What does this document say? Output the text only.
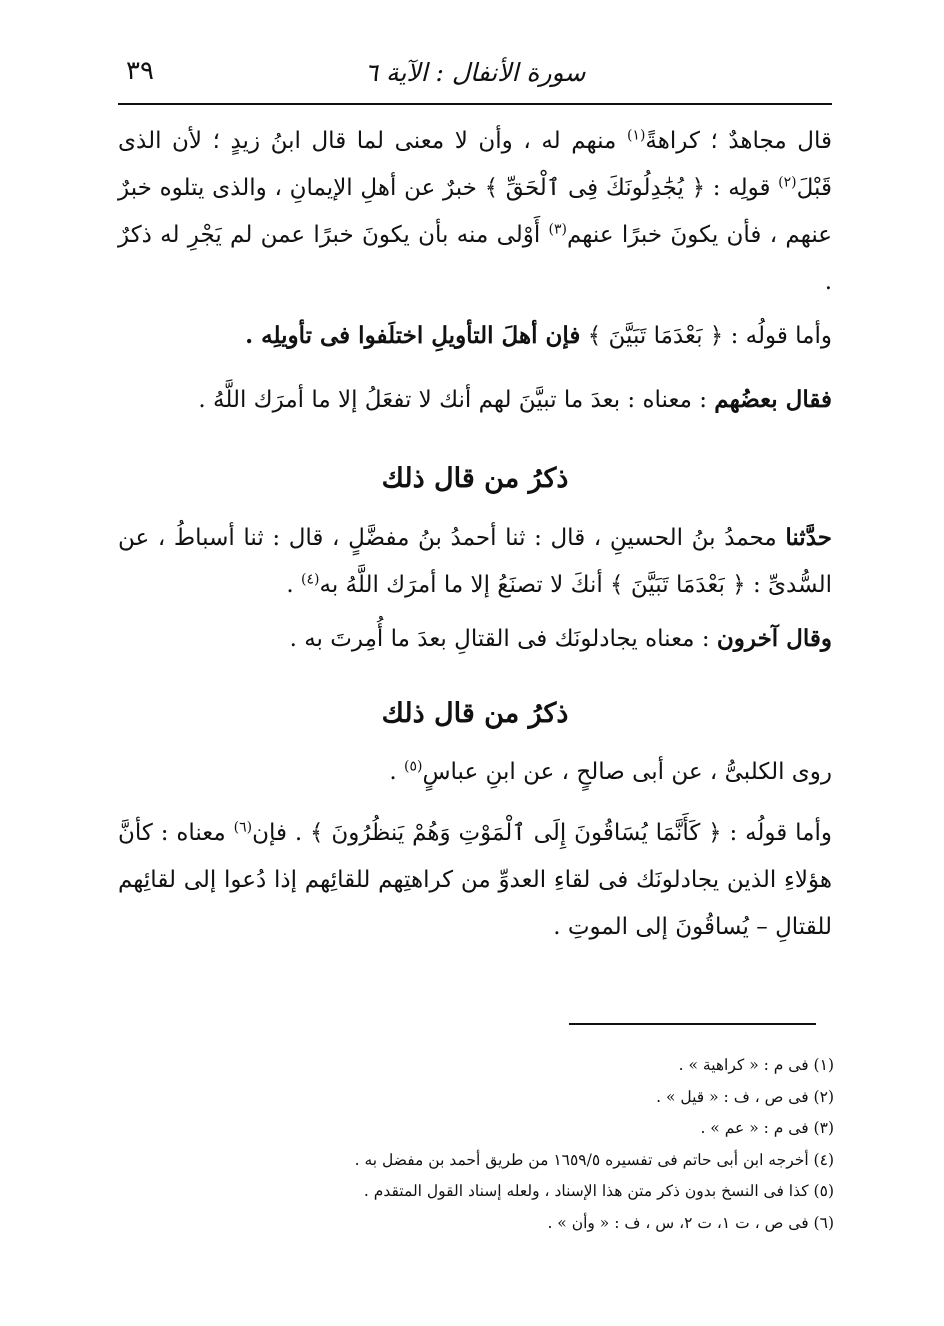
سورة الأنفال : الآية ٦
٣٩

قال مجاهدٌ ؛ كراهةً$^{(١)}$ منهم له ، وأن لا معنى لما قال ابنُ زيدٍ ؛ لأن الذى قَبْلَ$^{(٢)}$ قولِه : ﴿ يُجَٰدِلُونَكَ فِى ٱلْحَقِّ ﴾ خبرٌ عن أهلِ الإيمانِ ، والذى يتلوه خبرٌ عنهم ، فأن يكونَ خبرًا عنهم$^{(٣)}$ أَوْلى منه بأن يكونَ خبرًا عمن لم يَجْرِ له ذكرٌ .

وأما قولُه : ﴿ بَعْدَمَا تَبَيَّنَ ﴾ فإن أهلَ التأويلِ اختلَفوا فى تأويلِه .

فقال بعضُهم : معناه : بعدَ ما تبيَّنَ لهم أنك لا تفعَلُ إلا ما أمرَك اللَّهُ .

ذكرُ من قال ذلك

حدَّثنا محمدُ بنُ الحسينِ ، قال : ثنا أحمدُ بنُ مفضَّلٍ ، قال : ثنا أسباطُ ، عن السُّدىِّ : ﴿ بَعْدَمَا تَبَيَّنَ ﴾ أنكَ لا تصنَعُ إلا ما أمرَك اللَّهُ به$^{(٤)}$ .

وقال آخرون : معناه يجادلونَك فى القتالِ بعدَ ما أُمِرتَ به .

ذكرُ من قال ذلك

روى الكلبىُّ ، عن أبى صالحٍ ، عن ابنِ عباسٍ$^{(٥)}$ .

وأما قولُه : ﴿ كَأَنَّمَا يُسَاقُونَ إِلَى ٱلْمَوْتِ وَهُمْ يَنظُرُونَ ﴾ . فإن$^{(٦)}$ معناه : كأنَّ هؤلاءِ الذين يجادلونَك فى لقاءِ العدوِّ من كراهتِهم للقائِهم إذا دُعوا إلى لقائِهم للقتالِ – يُساقُونَ إلى الموتِ .

(١) فى م : « كراهية » .

(٢) فى ص ، ف : « قيل » .

(٣) فى م : « عم » .

(٤) أخرجه ابن أبى حاتم فى تفسيره ١٦٥٩/٥ من طريق أحمد بن مفضل به .

(٥) كذا فى النسخ بدون ذكر متن هذا الإسناد ، ولعله إسناد القول المتقدم .

(٦) فى ص ، ت ١، ت ٢، س ، ف : « وأن » .
